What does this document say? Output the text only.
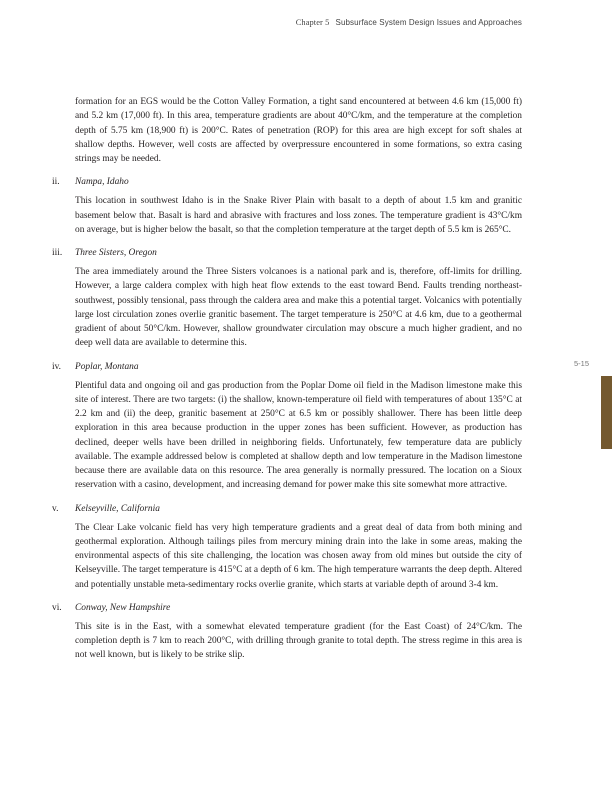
Chapter 5 Subsurface System Design Issues and Approaches
5-15

formation for an EGS would be the Cotton Valley Formation, a tight sand encountered at between 4.6 km (15,000 ft) and 5.2 km (17,000 ft). In this area, temperature gradients are about 40°C/km, and the temperature at the completion depth of 5.75 km (18,900 ft) is 200°C. Rates of penetration (ROP) for this area are high except for soft shales at shallow depths. However, well costs are affected by overpressure encountered in some formations, so extra casing strings may be needed.

ii. Nampa, Idaho

This location in southwest Idaho is in the Snake River Plain with basalt to a depth of about 1.5 km and granitic basement below that. Basalt is hard and abrasive with fractures and loss zones. The temperature gradient is 43°C/km on average, but is higher below the basalt, so that the completion temperature at the target depth of 5.5 km is 265°C.

iii. Three Sisters, Oregon

The area immediately around the Three Sisters volcanoes is a national park and is, therefore, off-limits for drilling. However, a large caldera complex with high heat flow extends to the east toward Bend. Faults trending northeast-southwest, possibly tensional, pass through the caldera area and make this a potential target. Volcanics with potentially large lost circulation zones overlie granitic basement. The target temperature is 250°C at 4.6 km, due to a geothermal gradient of about 50°C/km. However, shallow groundwater circulation may obscure a much higher gradient, and no deep well data are available to determine this.

iv. Poplar, Montana

Plentiful data and ongoing oil and gas production from the Poplar Dome oil field in the Madison limestone make this site of interest. There are two targets: (i) the shallow, known-temperature oil field with temperatures of about 135°C at 2.2 km and (ii) the deep, granitic basement at 250°C at 6.5 km or possibly shallower. There has been little deep exploration in this area because production in the upper zones has been sufficient. However, as production has declined, deeper wells have been drilled in neighboring fields. Unfortunately, few temperature data are publicly available. The example addressed below is completed at shallow depth and low temperature in the Madison limestone because there are available data on this resource. The area generally is normally pressured. The location on a Sioux reservation with a casino, development, and increasing demand for power make this site somewhat more attractive.

v. Kelseyville, California

The Clear Lake volcanic field has very high temperature gradients and a great deal of data from both mining and geothermal exploration. Although tailings piles from mercury mining drain into the lake in some areas, making the environmental aspects of this site challenging, the location was chosen away from old mines but outside the city of Kelseyville. The target temperature is 415°C at a depth of 6 km. The high temperature warrants the deep depth. Altered and potentially unstable meta-sedimentary rocks overlie granite, which starts at variable depth of around 3-4 km.

vi. Conway, New Hampshire

This site is in the East, with a somewhat elevated temperature gradient (for the East Coast) of 24°C/km. The completion depth is 7 km to reach 200°C, with drilling through granite to total depth. The stress regime in this area is not well known, but is likely to be strike slip.
